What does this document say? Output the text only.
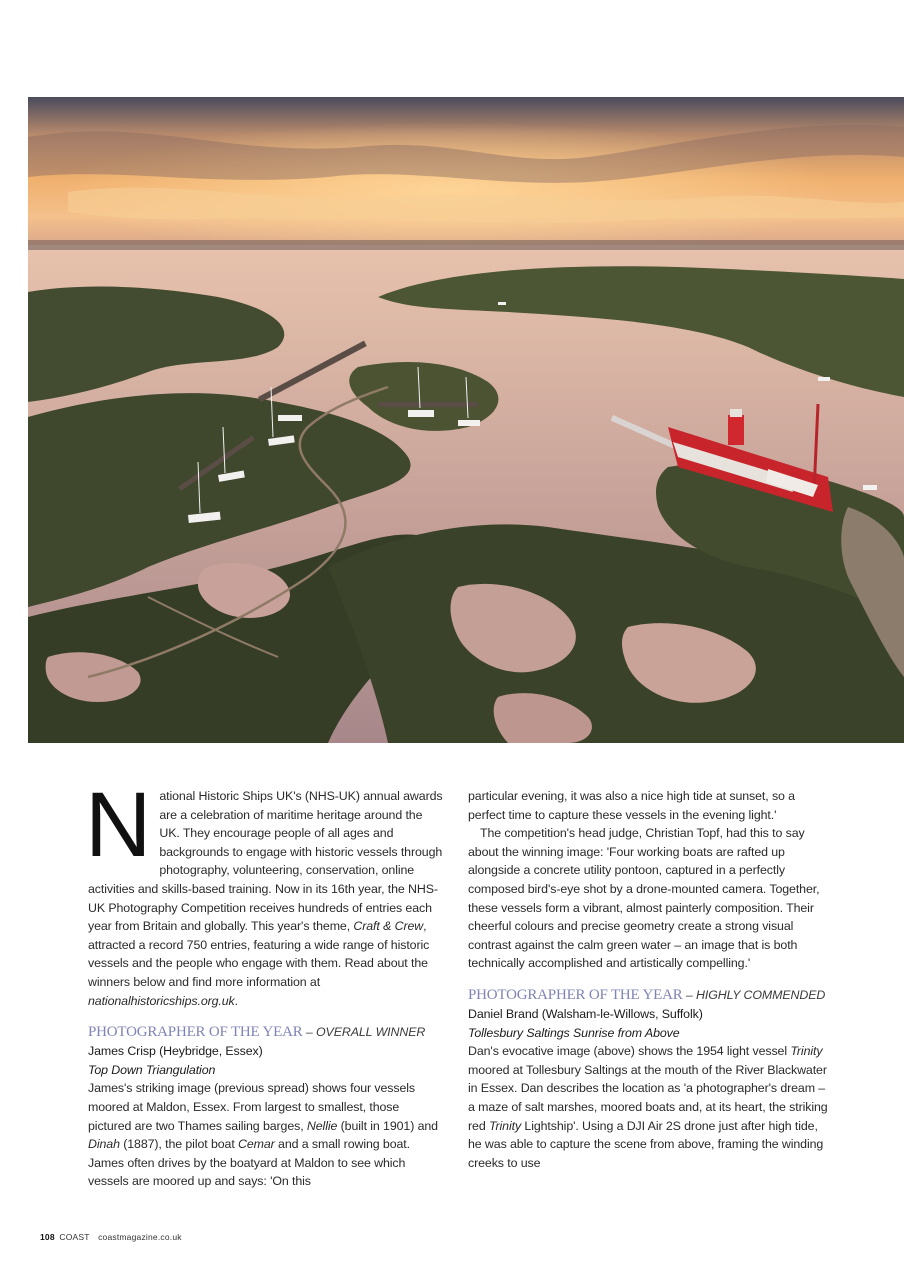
National Historic Ships UK's (NHS-UK) annual awards are a celebration of maritime heritage around the UK. They encourage people of all ages and backgrounds to engage with historic vessels through photography, volunteering, conservation, online activities and skills-based training. Now in its 16th year, the NHS-UK Photography Competition receives hundreds of entries each year from Britain and globally. This year's theme, Craft & Crew, attracted a record 750 entries, featuring a wide range of historic vessels and the people who engage with them. Read about the winners below and find more information at nationalhistoricships.org.uk.

PHOTOGRAPHER OF THE YEAR – OVERALL WINNER
James Crisp (Heybridge, Essex)
Top Down Triangulation

James's striking image (previous spread) shows four vessels moored at Maldon, Essex. From largest to smallest, those pictured are two Thames sailing barges, Nellie (built in 1901) and Dinah (1887), the pilot boat Cemar and a small rowing boat. James often drives by the boatyard at Maldon to see which vessels are moored up and says: 'On this

particular evening, it was also a nice high tide at sunset, so a perfect time to capture these vessels in the evening light.'

The competition's head judge, Christian Topf, had this to say about the winning image: 'Four working boats are rafted up alongside a concrete utility pontoon, captured in a perfectly composed bird's-eye shot by a drone-mounted camera. Together, these vessels form a vibrant, almost painterly composition. Their cheerful colours and precise geometry create a strong visual contrast against the calm green water – an image that is both technically accomplished and artistically compelling.'

PHOTOGRAPHER OF THE YEAR – HIGHLY COMMENDED
Daniel Brand (Walsham-le-Willows, Suffolk)
Tollesbury Saltings Sunrise from Above

Dan's evocative image (above) shows the 1954 light vessel Trinity moored at Tollesbury Saltings at the mouth of the River Blackwater in Essex. Dan describes the location as 'a photographer's dream – a maze of salt marshes, moored boats and, at its heart, the striking red Trinity Lightship'. Using a DJI Air 2S drone just after high tide, he was able to capture the scene from above, framing the winding creeks to use

108 COAST coastmagazine.co.uk
